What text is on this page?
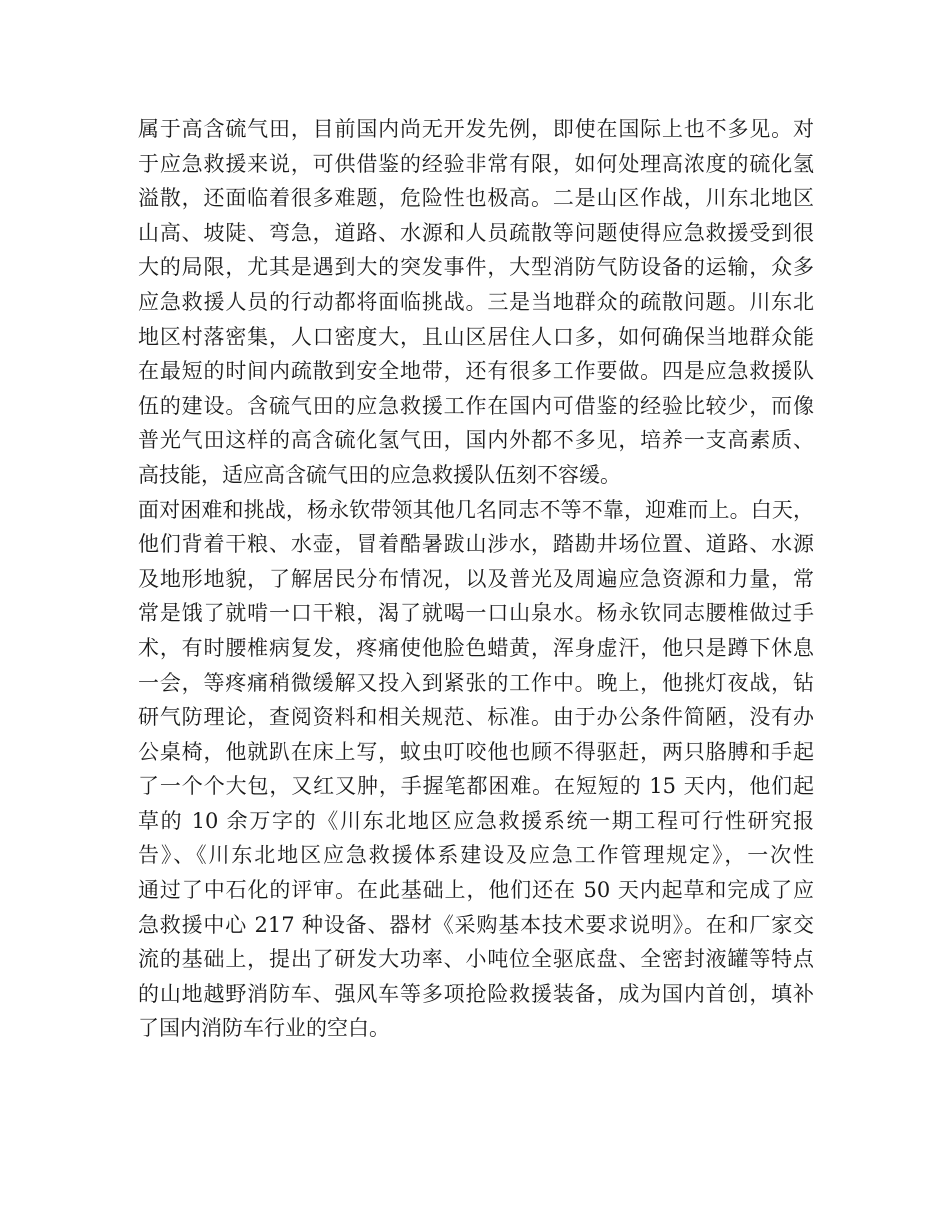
属于高含硫气田，目前国内尚无开发先例，即使在国际上也不多见。对
于应急救援来说，可供借鉴的经验非常有限，如何处理高浓度的硫化氢
溢散，还面临着很多难题，危险性也极高。二是山区作战，川东北地区
山高、坡陡、弯急，道路、水源和人员疏散等问题使得应急救援受到很
大的局限，尤其是遇到大的突发事件，大型消防气防设备的运输，众多
应急救援人员的行动都将面临挑战。三是当地群众的疏散问题。川东北
地区村落密集，人口密度大，且山区居住人口多，如何确保当地群众能
在最短的时间内疏散到安全地带，还有很多工作要做。四是应急救援队
伍的建设。含硫气田的应急救援工作在国内可借鉴的经验比较少，而像
普光气田这样的高含硫化氢气田，国内外都不多见，培养一支高素质、
高技能，适应高含硫气田的应急救援队伍刻不容缓。
面对困难和挑战，杨永钦带领其他几名同志不等不靠，迎难而上。白天，
他们背着干粮、水壶，冒着酷暑跋山涉水，踏勘井场位置、道路、水源
及地形地貌，了解居民分布情况，以及普光及周遍应急资源和力量，常
常是饿了就啃一口干粮，渴了就喝一口山泉水。杨永钦同志腰椎做过手
术，有时腰椎病复发，疼痛使他脸色蜡黄，浑身虚汗，他只是蹲下休息
一会，等疼痛稍微缓解又投入到紧张的工作中。晚上，他挑灯夜战，钻
研气防理论，查阅资料和相关规范、标准。由于办公条件简陋，没有办
公桌椅，他就趴在床上写，蚊虫叮咬他也顾不得驱赶，两只胳膊和手起
了一个个大包，又红又肿，手握笔都困难。在短短的 15 天内，他们起
草的 10 余万字的《川东北地区应急救援系统一期工程可行性研究报
告》、《川东北地区应急救援体系建设及应急工作管理规定》，一次性
通过了中石化的评审。在此基础上，他们还在 50 天内起草和完成了应
急救援中心 217 种设备、器材《采购基本技术要求说明》。在和厂家交
流的基础上，提出了研发大功率、小吨位全驱底盘、全密封液罐等特点
的山地越野消防车、强风车等多项抢险救援装备，成为国内首创，填补
了国内消防车行业的空白。
